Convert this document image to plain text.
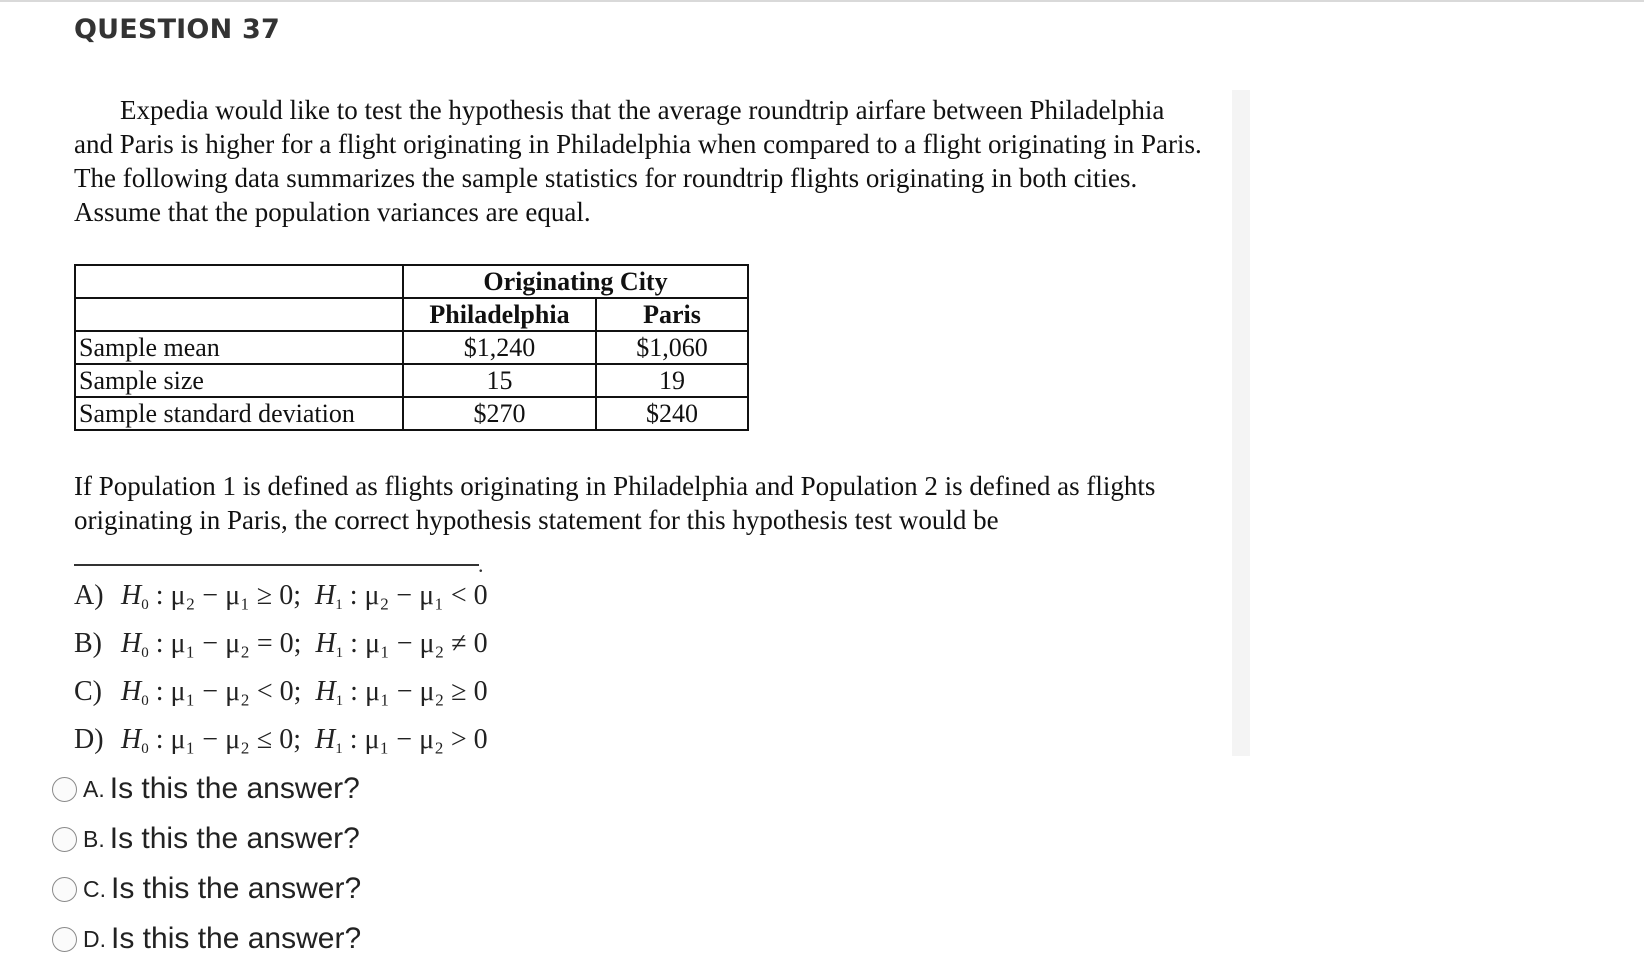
QUESTION 37

Expedia would like to test the hypothesis that the average roundtrip airfare between Philadelphia and Paris is higher for a flight originating in Philadelphia when compared to a flight originating in Paris. The following data summarizes the sample statistics for roundtrip flights originating in both cities. Assume that the population variances are equal.

	Originating City	
	Philadelphia	Paris
Sample mean	$1,240	$1,060
Sample size	15	19
Sample standard deviation	$270	$240

If Population 1 is defined as flights originating in Philadelphia and Population 2 is defined as flights originating in Paris, the correct hypothesis statement for this hypothesis test would be

.
A) $H_0$ : μ₂ − μ₁ ≥ 0;  $H_1$ : μ₂ − μ₁ < 0
B) $H_0$ : μ₁ − μ₂ = 0;  $H_1$ : μ₁ − μ₂ ≠ 0
C) $H_0$ : μ₁ − μ₂ < 0;  $H_1$ : μ₁ − μ₂ ≥ 0
D) $H_0$ : μ₁ − μ₂ ≤ 0;  $H_1$ : μ₁ − μ₂ > 0
A. Is this the answer?
B. Is this the answer?
C. Is this the answer?
D. Is this the answer?
